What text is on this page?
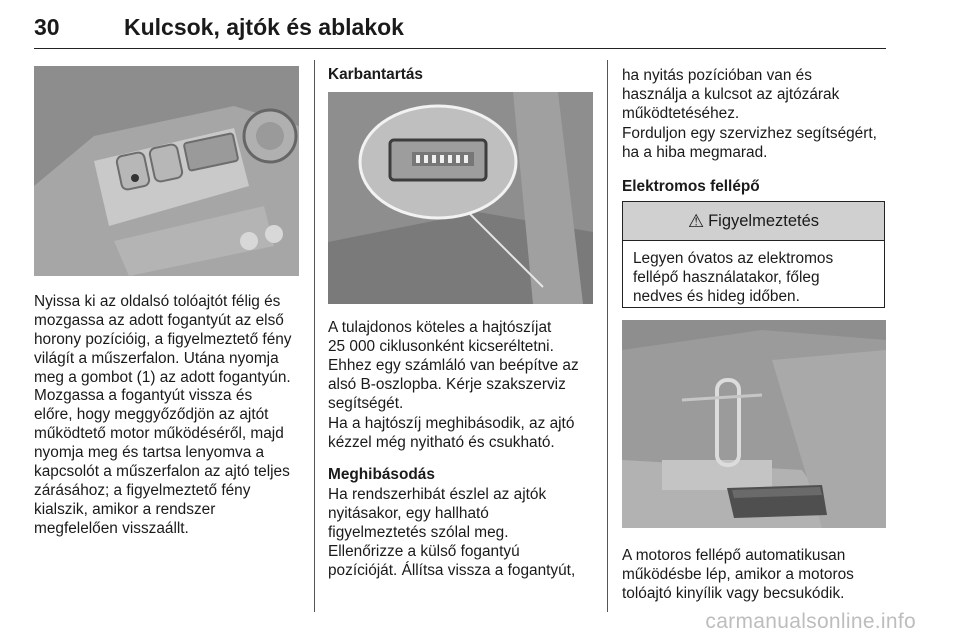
30	Kulcsok, ajtók és ablakok

Nyissa ki az oldalsó tolóajtót félig és
mozgassa az adott fogantyút az első
horony pozícióig, a figyelmeztető fény
világít a műszerfalon. Utána nyomja
meg a gombot (1) az adott fogantyún.

Mozgassa a fogantyút vissza és
előre, hogy meggyőződjön az ajtót
működtető motor működéséről, majd
nyomja meg és tartsa lenyomva a
kapcsolót a műszerfalon az ajtó teljes
zárásához; a figyelmeztető fény
kialszik, amikor a rendszer
megfelelően visszaállt.

Karbantartás

A tulajdonos köteles a hajtószíjat
25 000 ciklusonként kicseréltetni.
Ehhez egy számláló van beépítve az
alsó B-oszlopba. Kérje szakszerviz
segítségét.

Ha a hajtószíj meghibásodik, az ajtó
kézzel még nyitható és csukható.

Meghibásodás

Ha rendszerhibát észlel az ajtók
nyitásakor, egy hallható
figyelmeztetés szólal meg.
Ellenőrizze a külső fogantyú
pozícióját. Állítsa vissza a fogantyút,

ha nyitás pozícióban van és
használja a kulcsot az ajtózárak
működtetéséhez.

Forduljon egy szervizhez segítségért,
ha a hiba megmarad.

Elektromos fellépő
⚠ Figyelmeztetés
Legyen óvatos az elektromos
fellépő használatakor, főleg
nedves és hideg időben.

A motoros fellépő automatikusan
működésbe lép, amikor a motoros
tolóajtó kinyílik vagy becsukódik.

carmanualsonline.info
